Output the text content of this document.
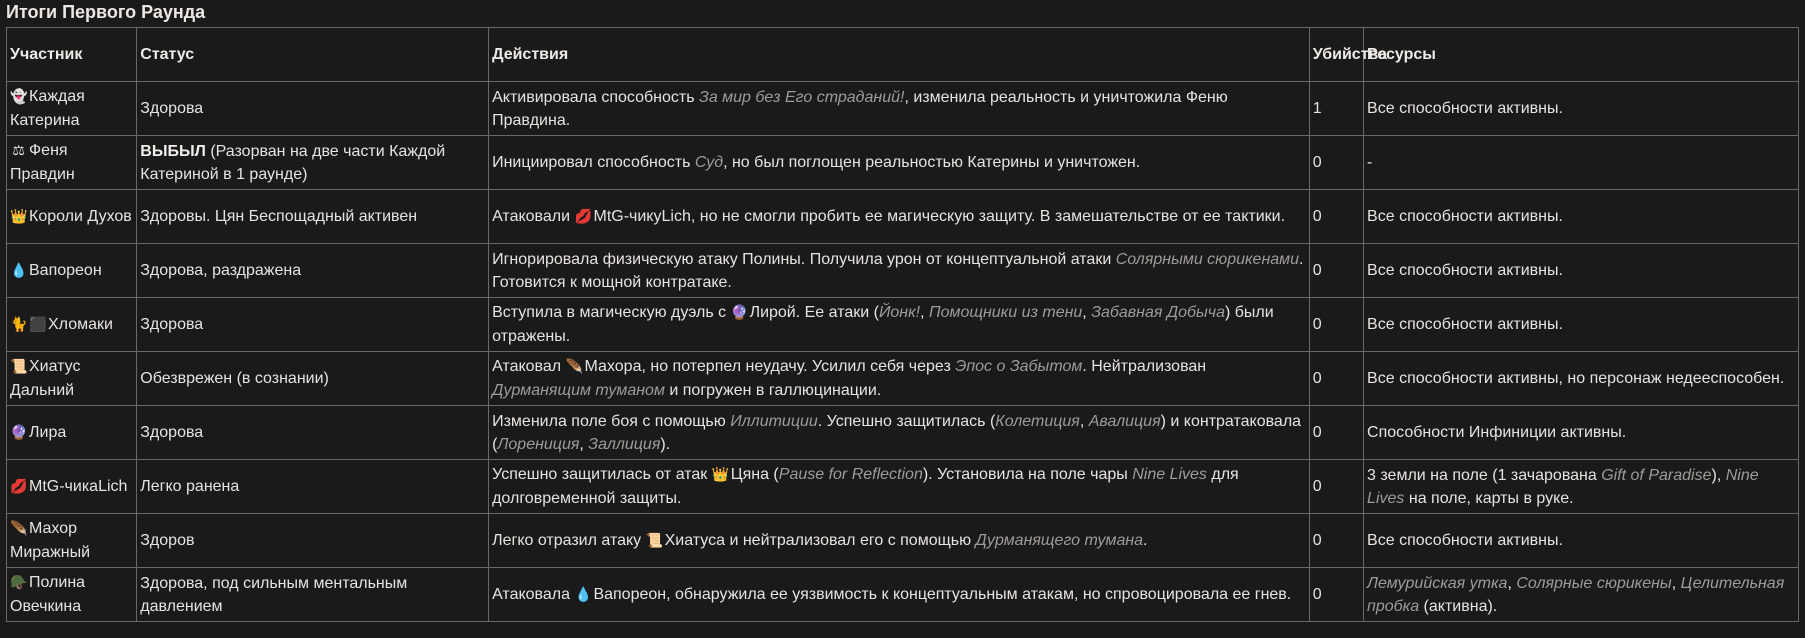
Итоги Первого Раунда
Участник	Статус	Действия	Убийства	Ресурсы
👻Каждая Катерина	Здорова	Активировала способность За мир без Его страданий!, изменила реальность и уничтожила Феню Правдина.	1	Все способности активны.
⚖ Феня Правдин	ВЫБЫЛ (Разорван на две части Каждой Катериной в 1 раунде)	Инициировал способность Суд, но был поглощен реальностью Катерины и уничтожен.	0	-
👑Короли Духов	Здоровы. Цян Беспощадный активен	Атаковали 💋MtG-чикуLich, но не смогли пробить ее магическую защиту. В замешательстве от ее тактики.	0	Все способности активны.
💧Вапореон	Здорова, раздражена	Игнорировала физическую атаку Полины. Получила урон от концептуальной атаки Солярными сюрикенами. Готовится к мощной контратаке.	0	Все способности активны.
🐈 ⬛Хломаки	Здорова	Вступила в магическую дуэль с 🔮Лирой. Ее атаки (Йонк!, Помощники из тени, Забавная Добыча) были отражены.	0	Все способности активны.
📜Хиатус Дальний	Обезврежен (в сознании)	Атаковал 🪶Махора, но потерпел неудачу. Усилил себя через Эпос о Забытом. Нейтрализован Дурманящим туманом и погружен в галлюцинации.	0	Все способности активны, но персонаж недееспособен.
🔮Лира	Здорова	Изменила поле боя с помощью Иллитиции. Успешно защитилась (Колетиция, Авалиция) и контратаковала (Лорениция, Заллиция).	0	Способности Инфиниции активны.
💋MtG-чикаLich	Легко ранена	Успешно защитилась от атак 👑Цяна (Pause for Reflection). Установила на поле чары Nine Lives для долговременной защиты.	0	3 земли на поле (1 зачарована Gift of Paradise), Nine Lives на поле, карты в руке.
🪶Махор Миражный	Здоров	Легко отразил атаку 📜Хиатуса и нейтрализовал его с помощью Дурманящего тумана.	0	Все способности активны.
🪖Полина Овечкина	Здорова, под сильным ментальным давлением	Атаковала 💧Вапореон, обнаружила ее уязвимость к концептуальным атакам, но спровоцировала ее гнев.	0	Лемурийская утка, Солярные сюрикены, Целительная пробка (активна).
